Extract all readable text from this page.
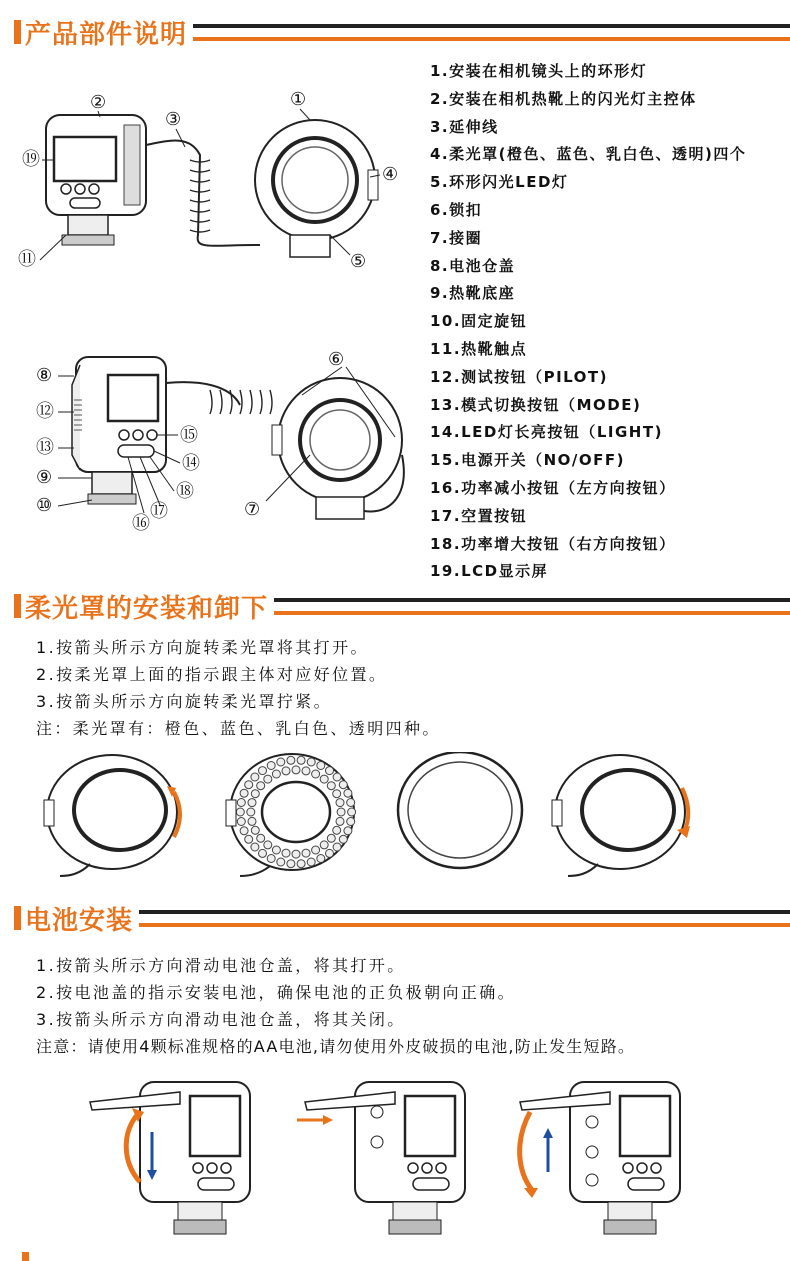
产品部件说明
1.安装在相机镜头上的环形灯
2.安装在相机热靴上的闪光灯主控体
3.延伸线
4.柔光罩(橙色、蓝色、乳白色、透明)四个
5.环形闪光LED灯
6.锁扣
7.接圈
8.电池仓盖
9.热靴底座
10.固定旋钮
11.热靴触点
12.测试按钮（PILOT)
13.模式切换按钮（MODE)
14.LED灯长亮按钮（LIGHT)
15.电源开关（NO/OFF)
16.功率减小按钮（左方向按钮）
17.空置按钮
18.功率增大按钮（右方向按钮）
19.LCD显示屏
②
③
①
④
⑤
⑲
⑪
⑥
⑦
⑧
⑫
⑬
⑨
⑩
⑮
⑭
⑱
⑰
⑯
柔光罩的安装和卸下
1.按箭头所示方向旋转柔光罩将其打开。
2.按柔光罩上面的指示跟主体对应好位置。
3.按箭头所示方向旋转柔光罩拧紧。
注：柔光罩有：橙色、蓝色、乳白色、透明四种。
电池安装
1.按箭头所示方向滑动电池仓盖，将其打开。
2.按电池盖的指示安装电池，确保电池的正负极朝向正确。
3.按箭头所示方向滑动电池仓盖，将其关闭。
注意：请使用4颗标准规格的AA电池,请勿使用外皮破损的电池,防止发生短路。
